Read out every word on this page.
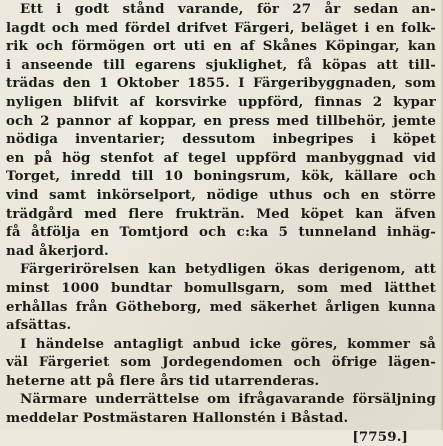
Ett i godt stånd varande, för 27 år sedan an-
lagdt och med fördel drifvet Färgeri, beläget i en folk-
rik och förmögen ort uti en af Skånes Köpingar, kan
i anseende till egarens sjuklighet, få köpas att till-
trädas den 1 Oktober 1855. I Färgeribyggnaden, som
nyligen blifvit af korsvirke uppförd, finnas 2 kypar
och 2 pannor af koppar, en press med tillbehör, jemte
nödiga inventarier; dessutom inbegripes i köpet
en på hög stenfot af tegel uppförd manbyggnad vid
Torget, inredd till 10 boningsrum, kök, källare och
vind samt inkörselport, nödige uthus och en större
trädgård med flere frukträn. Med köpet kan äfven
få åtfölja en Tomtjord och c:ka 5 tunneland inhäg-
nad åkerjord.
Färgerirörelsen kan betydligen ökas derigenom, att
minst 1000 bundtar bomullsgarn, som med lätthet
erhållas från Götheborg, med säkerhet årligen kunna
afsättas.
I händelse antagligt anbud icke göres, kommer så
väl Färgeriet som Jordegendomen och öfrige lägen-
heterne att på flere års tid utarrenderas.
Närmare underrättelse om ifrågavarande försäljning
meddelar Postmästaren Hallonstén i Båstad.
[7759.]
